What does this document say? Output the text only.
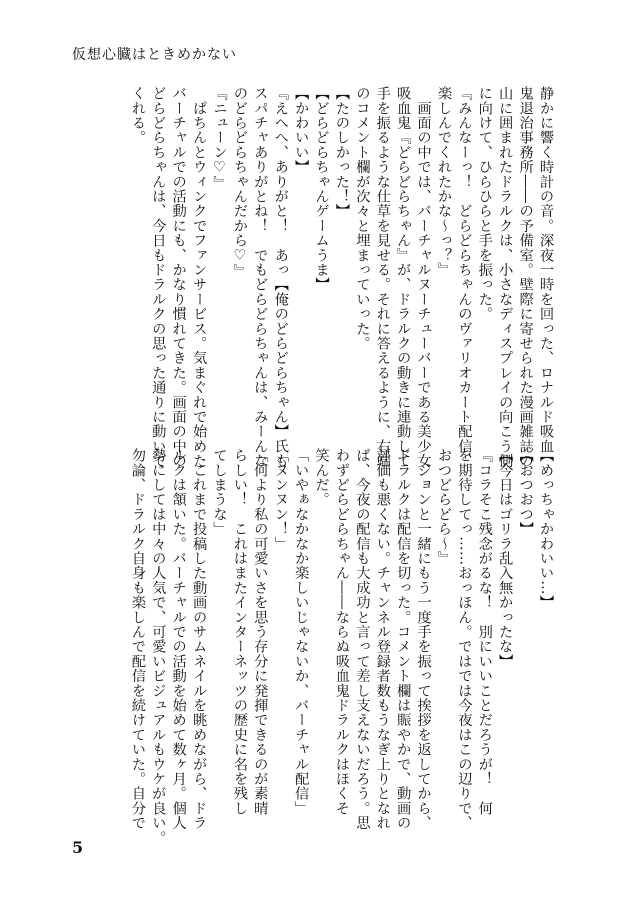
仮想心臓はときめかない

静かに響く時計の音。深夜一時を回った、ロナルド吸血

鬼退治事務所――の予備室。壁際に寄せられた漫画雑誌の

山に囲まれたドラルクは、小さなディスプレイの向こう側

に向けて、ひらひらと手を振った。

『みんなーっ！　どらどらちゃんのヴァリオカート配信、

楽しんでくれたかな～っ？』

　画面の中では、バーチャルヌーチューバーである美少女

吸血鬼『どらどらちゃん』が、ドラルクの動きに連動して

手を振るような仕草を見せる。それに答えるように、右端

のコメント欄が次々と埋まっていった。

【たのしかった！】

【どらどらちゃんゲームうま】

【かわいい】

『えへへ、ありがと！　あっ【俺のどらどらちゃん】氏も

スパチャありがとね！　でもどらどらちゃんは、みーんな

のどらどらちゃんだから♡』

『ニューン♡』

　ぱちんとウィンクでファンサービス。気まぐれで始めた

バーチャルでの活動にも、かなり慣れてきた。画面の中の

どらどらちゃんは、今日もドラルクの思った通りに動いて

くれる。

【めっちゃかわいい…】

【おつおつ】

【今日はゴリラ乱入無かったな】

『コラそこ残念がるな！　別にいいことだろうが！　何

を期待してっ……おっほん。ではでは今夜はこの辺りで、

おつどらどら～』

　ジョンと一緒にもう一度手を振って挨拶を返してから、

ドラルクは配信を切った。コメント欄は賑やかで、動画の

評価も悪くない。チャンネル登録者数もうなぎ上りとなれ

ば、今夜の配信も大成功と言って差し支えないだろう。思

わずどらどらちゃん――ならぬ吸血鬼ドラルクはほくそ

笑んだ。

「いやぁなかなか楽しいじゃないか、バーチャル配信」

「ヌンヌン！」

「何より私の可愛いさを思う存分に発揮できるのが素晴

らしい！　これはまたインターネッツの歴史に名を残し

てしまうな」

　これまで投稿した動画のサムネイルを眺めながら、ドラ

ルクは頷いた。バーチャルでの活動を始めて数ヶ月。個人

勢にしては中々の人気で、可愛いビジュアルもウケが良い。

勿論、ドラルク自身も楽しんで配信を続けていた。自分で

5
